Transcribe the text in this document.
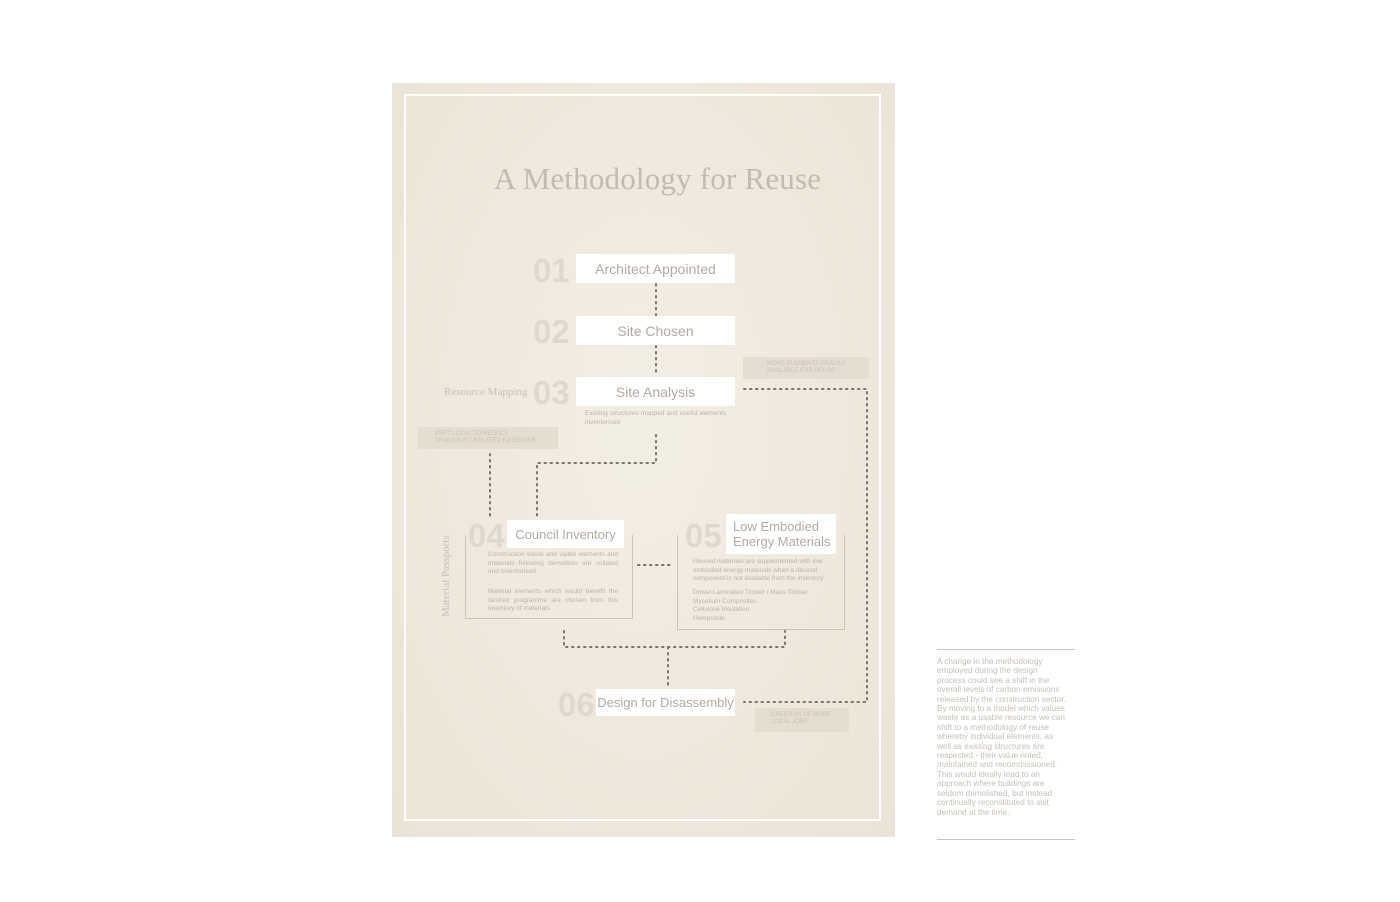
A Methodology for Reuse
01 Architect Appointed
02	Site Chosen
Resource Mapping 03	Site Analysis
Existing structures mapped and useful elements inventorised
MORE ELEMENTS READILY
AVAILABLE FOR REUSE
KEPT LOCAL TO REDUCE
TRANSPORT-RELATED EMISSIONS
CREATION OF MORE
LOCAL JOBS
Material Passports 04 Council Inventory
Construction waste and viable elements and materials following demolition are collated and inventorised
Material elements which would benefit the desired programme are chosen from this inventory of materials
05 Low Embodied
Energy Materials
Reused materials are supplemented with low embodied energy materials when a desired component is not available from the inventory
Dowel Laminated Timber / Mass Timber
Mycelium Composites
Cellulose Insulation
Hempcrete
06 Design for Disassembly
A change in the methodology employed during the design process could see a shift in the overall levels of carbon emissions released by the construction sector. By moving to a model which values waste as a usable resource we can shift to a methodology of reuse whereby individual elements, as well as existing structures are respected - their value noted, maintained and recommissioned. This would ideally lead to an approach where buildings are seldom demolished, but instead continually reconstituted to suit demand at the time.
